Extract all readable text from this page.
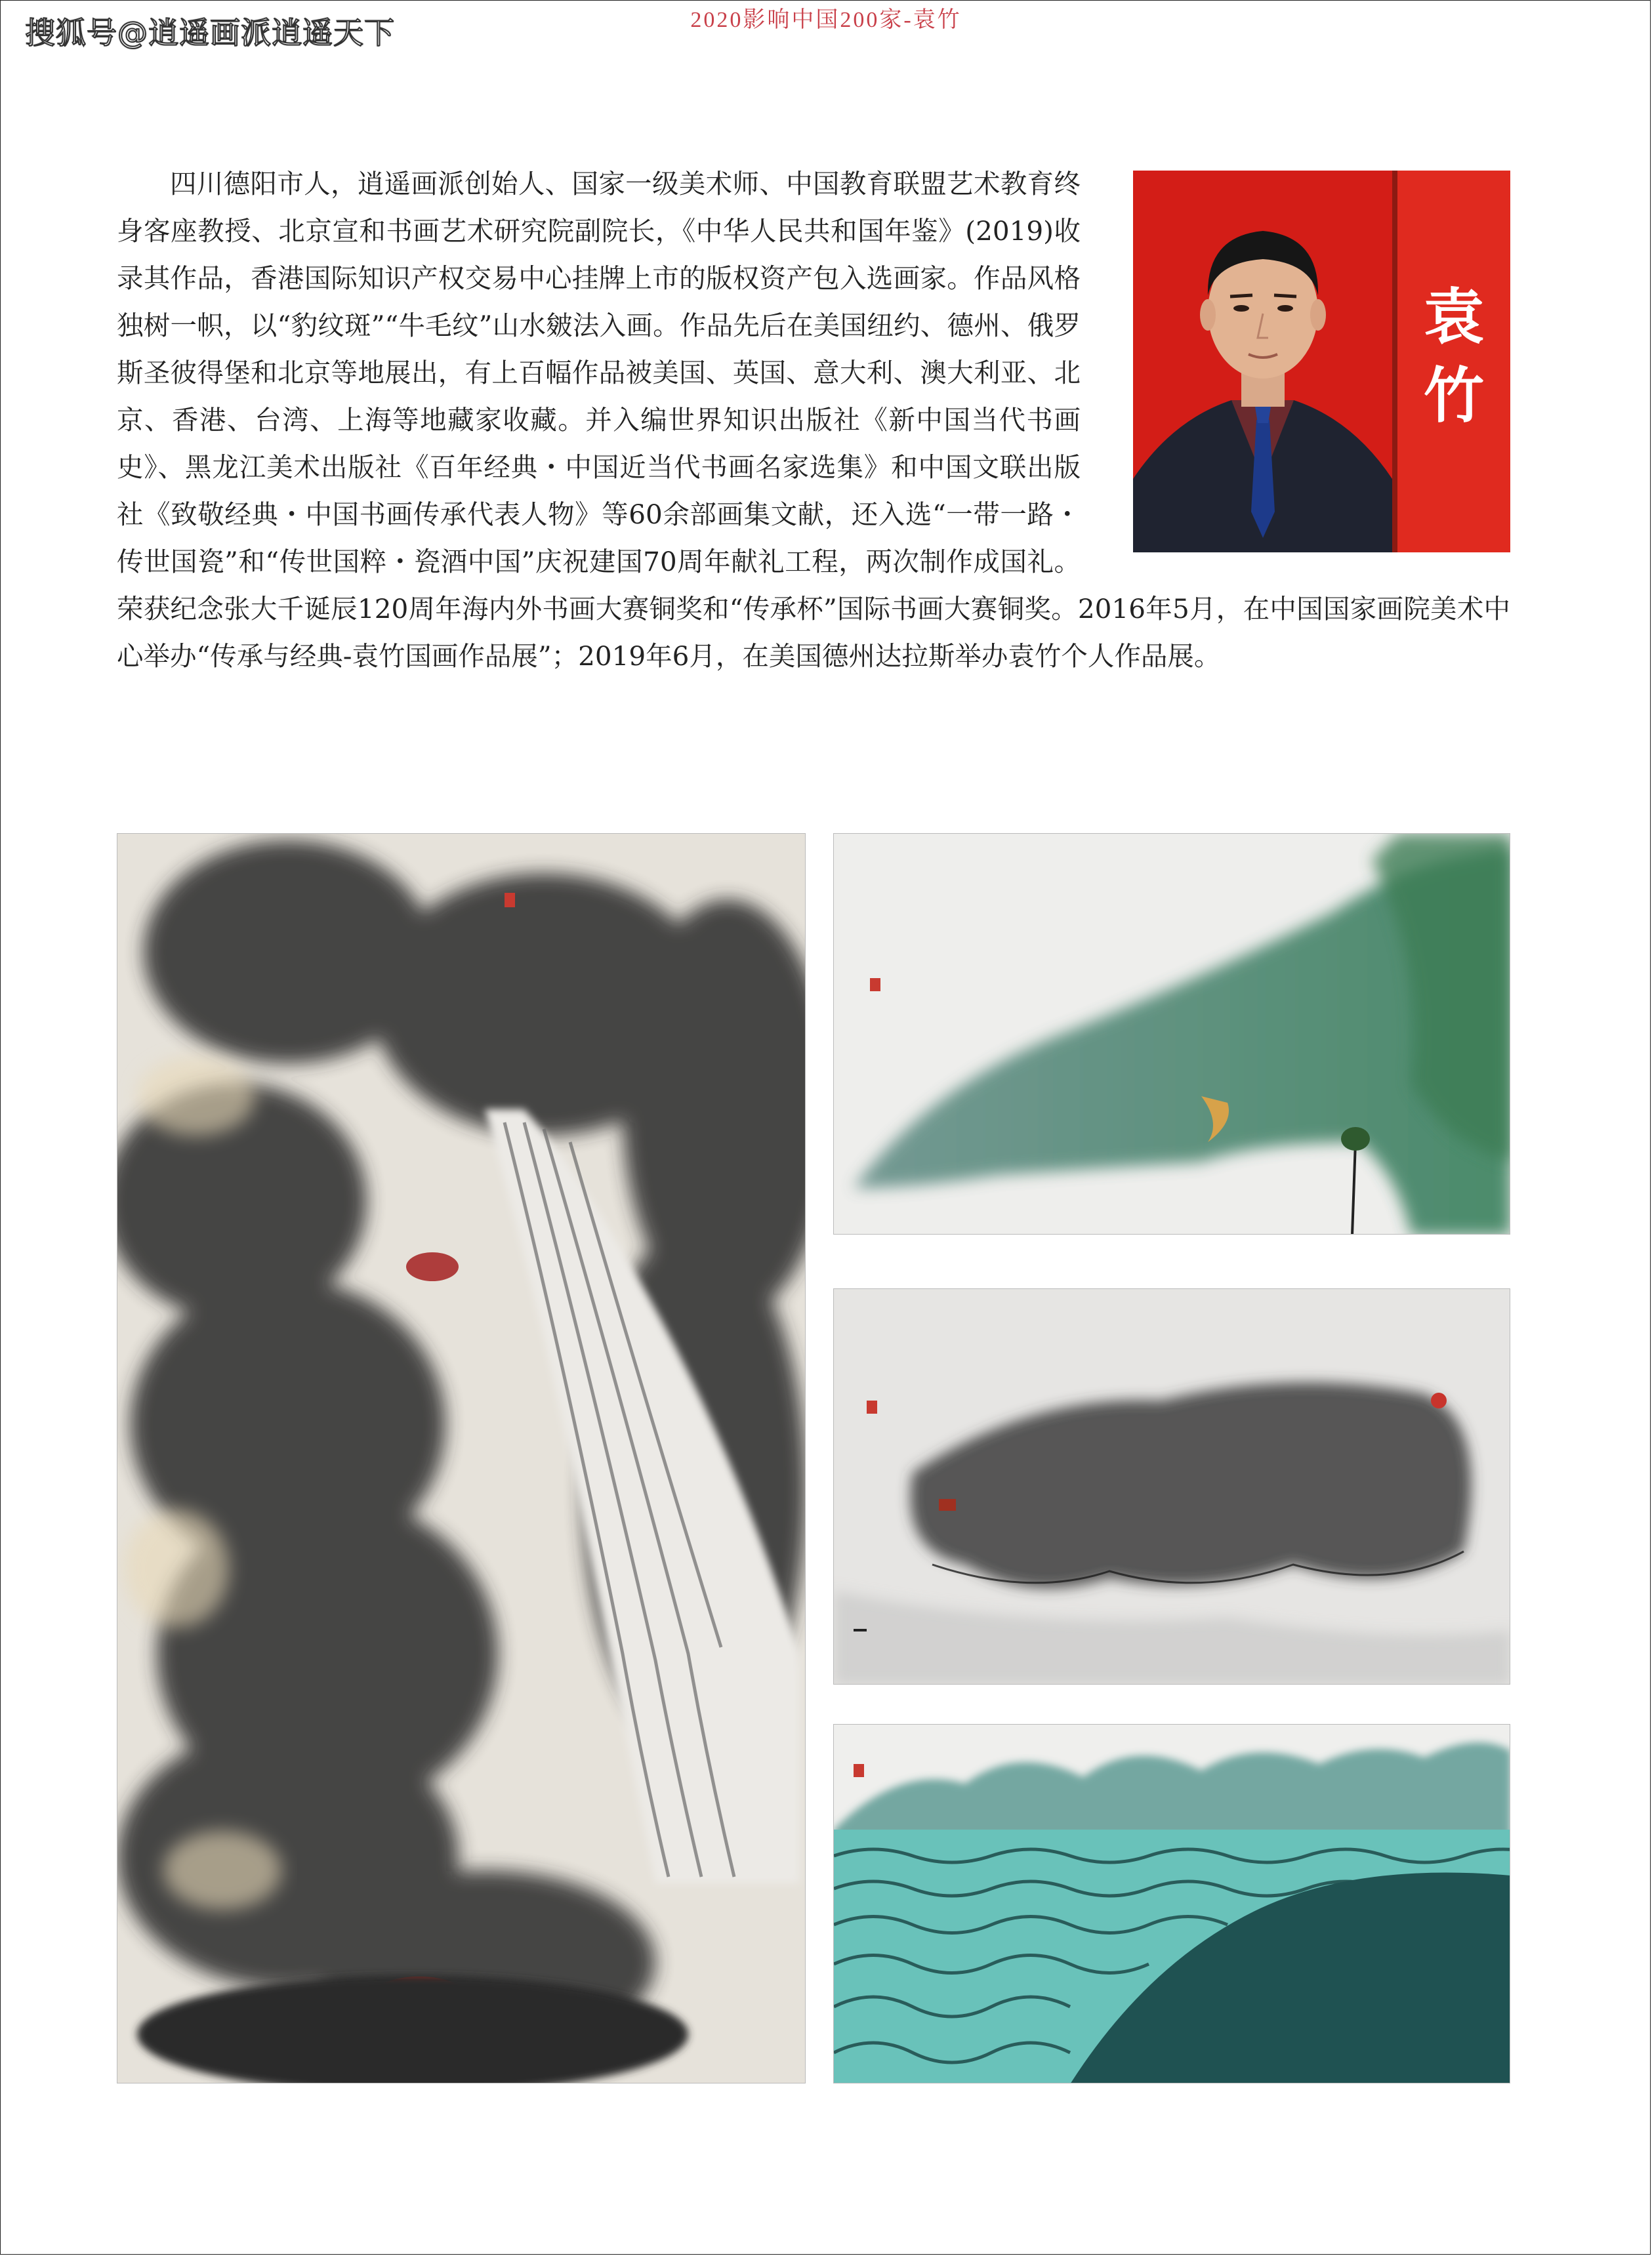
搜狐号@逍遥画派逍遥天下	2020影响中国200家-袁竹
袁
竹

四川德阳市人，逍遥画派创始人、国家一级美术师、中国教育联盟艺术教育终身客座教授、北京宣和书画艺术研究院副院长，《中华人民共和国年鉴》(2019)收录其作品，香港国际知识产权交易中心挂牌上市的版权资产包入选画家。作品风格独树一帜，以“豹纹斑”“牛毛纹”山水皴法入画。作品先后在美国纽约、德州、俄罗斯圣彼得堡和北京等地展出，有上百幅作品被美国、英国、意大利、澳大利亚、北京、香港、台湾、上海等地藏家收藏。并入编世界知识出版社《新中国当代书画史》、黑龙江美术出版社《百年经典・中国近当代书画名家选集》和中国文联出版社《致敬经典・中国书画传承代表人物》等60余部画集文献，还入选“一带一路・传世国瓷”和“传世国粹・瓷酒中国”庆祝建国70周年献礼工程，两次制作成国礼。荣获纪念张大千诞辰120周年海内外书画大赛铜奖和“传承杯”国际书画大赛铜奖。2016年5月，在中国国家画院美术中心举办“传承与经典-袁竹国画作品展”；2019年6月，在美国德州达拉斯举办袁竹个人作品展。
